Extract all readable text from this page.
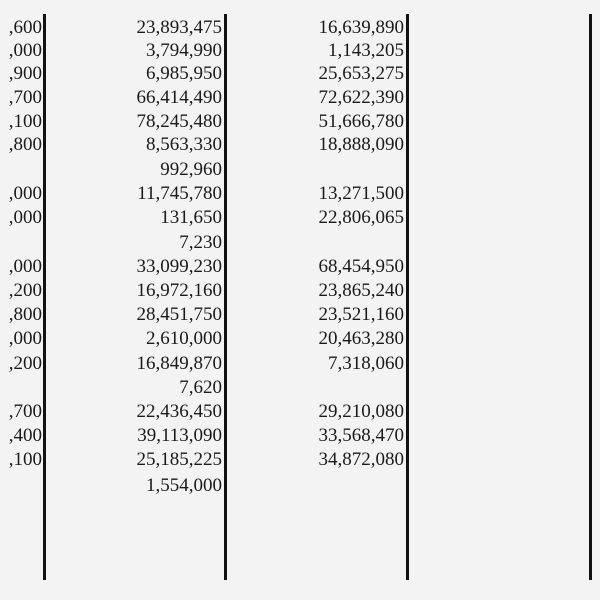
,600
,000
,900
,700
,100
,800
,000
,000
,000
,200
,800
,000
,200
,700
,400
,100
23,893,475
3,794,990
6,985,950
66,414,490
78,245,480
8,563,330
992,960
11,745,780
131,650
7,230
33,099,230
16,972,160
28,451,750
2,610,000
16,849,870
7,620
22,436,450
39,113,090
25,185,225
1,554,000
16,639,890
1,143,205
25,653,275
72,622,390
51,666,780
18,888,090
13,271,500
22,806,065
68,454,950
23,865,240
23,521,160
20,463,280
7,318,060
29,210,080
33,568,470
34,872,080
